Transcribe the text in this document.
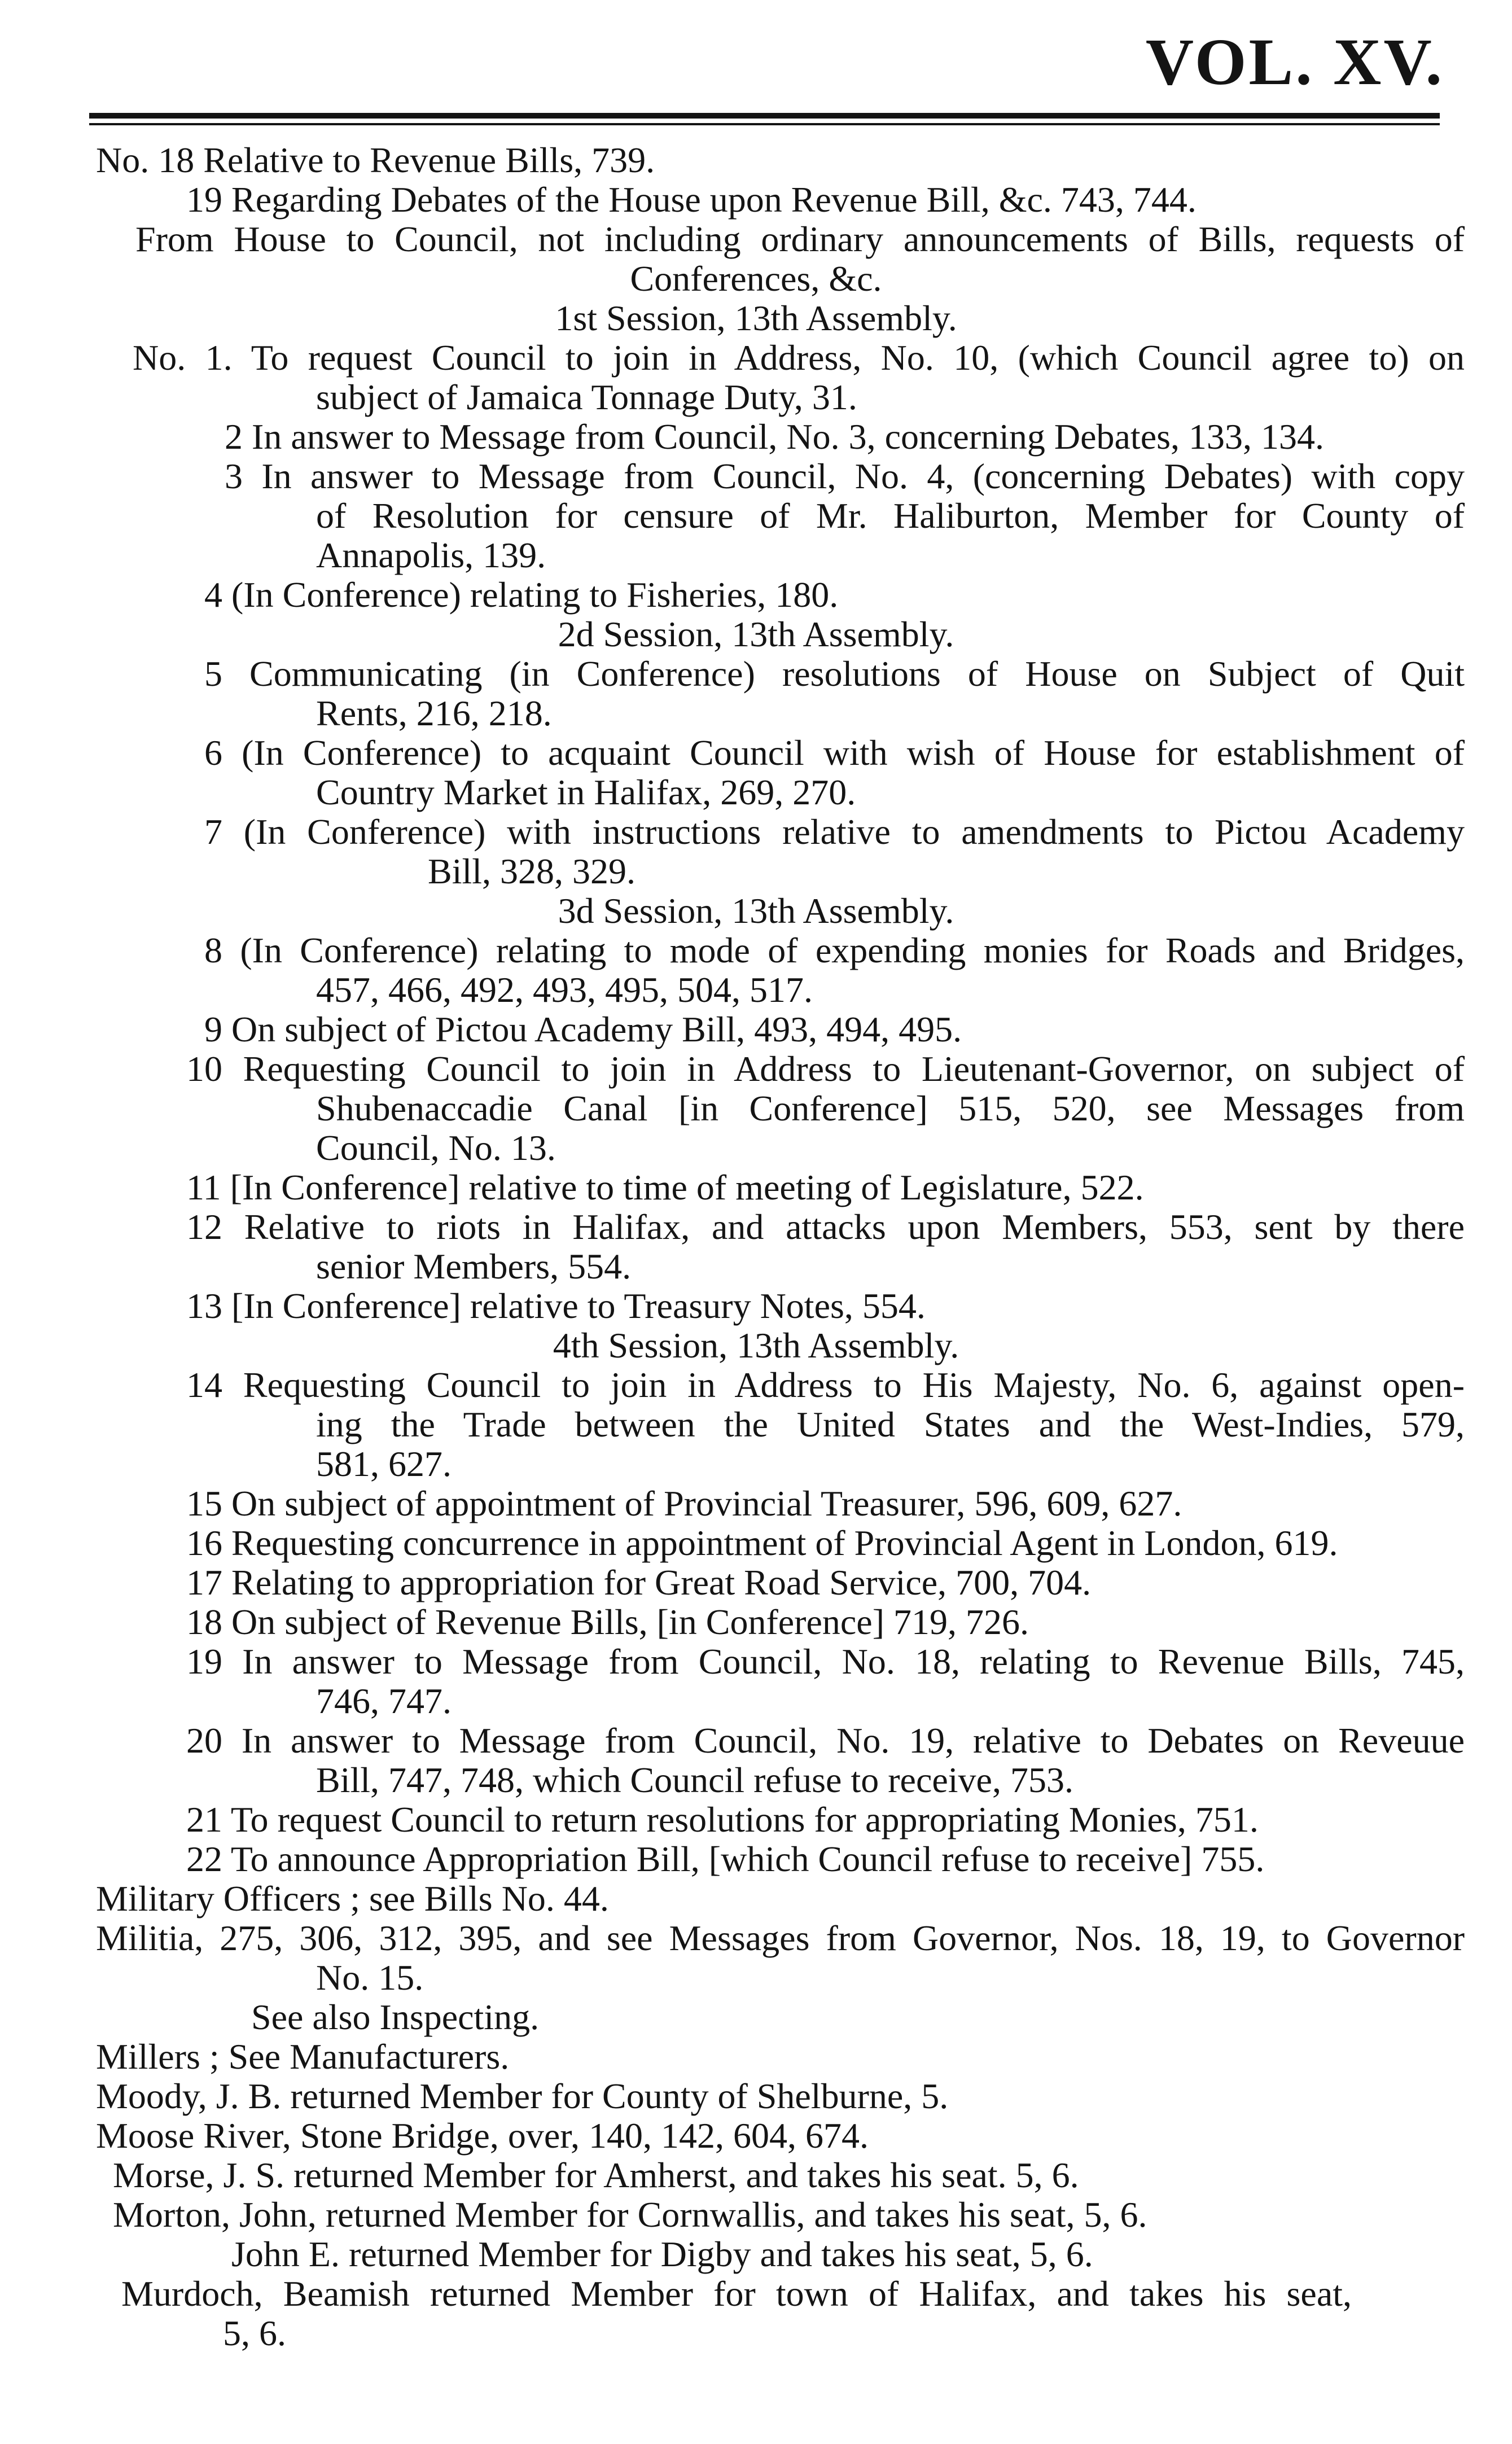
VOL. XV.
No. 18 Relative to Revenue Bills, 739.
19 Regarding Debates of the House upon Revenue Bill, &c. 743, 744.
From House to Council, not including ordinary announcements of Bills, requests of
Conferences, &c.
1st Session, 13th Assembly.
No. 1. To request Council to join in Address, No. 10, (which Council agree to) on
subject of Jamaica Tonnage Duty, 31.
2 In answer to Message from Council, No. 3, concerning Debates, 133, 134.
3 In answer to Message from Council, No. 4, (concerning Debates) with copy
of Resolution for censure of Mr. Haliburton, Member for County of
Annapolis, 139.
4 (In Conference) relating to Fisheries, 180.
2d Session, 13th Assembly.
5 Communicating (in Conference) resolutions of House on Subject of Quit
Rents, 216, 218.
6 (In Conference) to acquaint Council with wish of House for establishment of
Country Market in Halifax, 269, 270.
7 (In Conference) with instructions relative to amendments to Pictou Academy
Bill, 328, 329.
3d Session, 13th Assembly.
8 (In Conference) relating to mode of expending monies for Roads and Bridges,
457, 466, 492, 493, 495, 504, 517.
9 On subject of Pictou Academy Bill, 493, 494, 495.
10 Requesting Council to join in Address to Lieutenant-Governor, on subject of
Shubenaccadie Canal [in Conference] 515, 520, see Messages from
Council, No. 13.
11 [In Conference] relative to time of meeting of Legislature, 522.
12 Relative to riots in Halifax, and attacks upon Members, 553, sent by there
senior Members, 554.
13 [In Conference] relative to Treasury Notes, 554.
4th Session, 13th Assembly.
14 Requesting Council to join in Address to His Majesty, No. 6, against open-
ing the Trade between the United States and the West-Indies, 579,
581, 627.
15 On subject of appointment of Provincial Treasurer, 596, 609, 627.
16 Requesting concurrence in appointment of Provincial Agent in London, 619.
17 Relating to appropriation for Great Road Service, 700, 704.
18 On subject of Revenue Bills, [in Conference] 719, 726.
19 In answer to Message from Council, No. 18, relating to Revenue Bills, 745,
746, 747.
20 In answer to Message from Council, No. 19, relative to Debates on Reveuue
Bill, 747, 748, which Council refuse to receive, 753.
21 To request Council to return resolutions for appropriating Monies, 751.
22 To announce Appropriation Bill, [which Council refuse to receive] 755.
Military Officers ; see Bills No. 44.
Militia, 275, 306, 312, 395, and see Messages from Governor, Nos. 18, 19, to Governor
No. 15.
See also Inspecting.
Millers ; See Manufacturers.
Moody, J. B. returned Member for County of Shelburne, 5.
Moose River, Stone Bridge, over, 140, 142, 604, 674.
Morse, J. S. returned Member for Amherst, and takes his seat. 5, 6.
Morton, John, returned Member for Cornwallis, and takes his seat, 5, 6.
John E. returned Member for Digby and takes his seat, 5, 6.
Murdoch, Beamish returned Member for town of Halifax, and takes his seat,
5, 6.
